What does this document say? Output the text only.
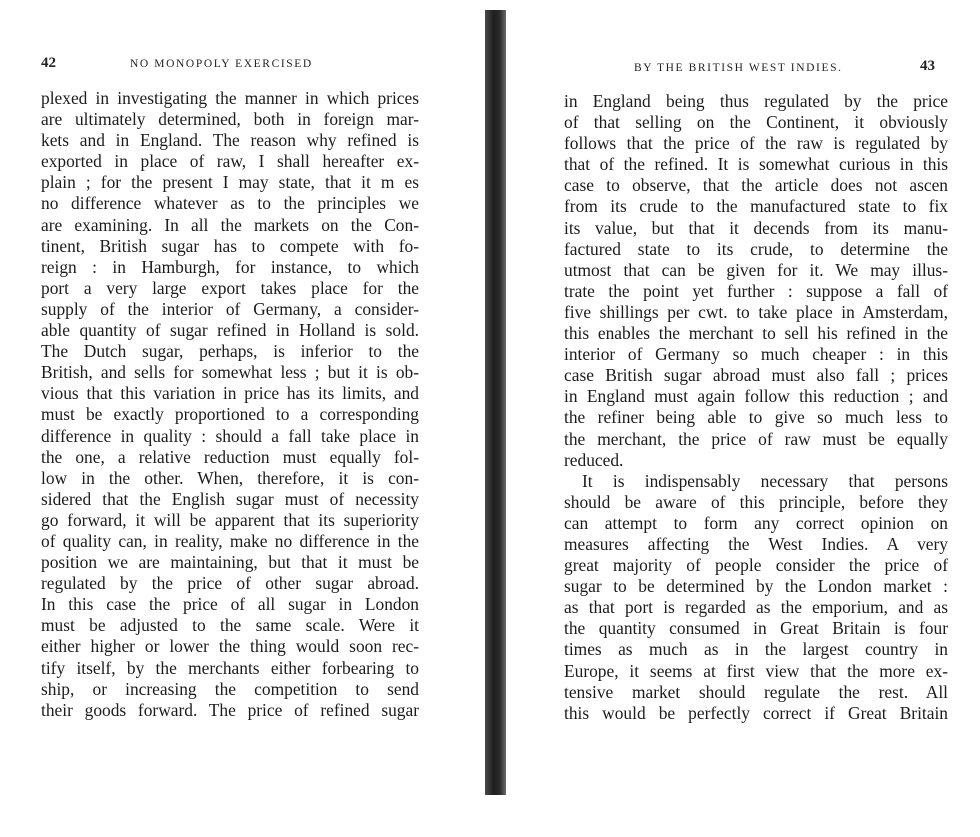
42	NO MONOPOLY EXERCISED
plexed in investigating the manner in which prices
are ultimately determined, both in foreign mar-
kets and in England. The reason why refined is
exported in place of raw, I shall hereafter ex-
plain ; for the present I may state, that it m es
no difference whatever as to the principles we
are examining. In all the markets on the Con-
tinent, British sugar has to compete with fo-
reign : in Hamburgh, for instance, to which
port a very large export takes place for the
supply of the interior of Germany, a consider-
able quantity of sugar refined in Holland is sold.
The Dutch sugar, perhaps, is inferior to the
British, and sells for somewhat less ; but it is ob-
vious that this variation in price has its limits, and
must be exactly proportioned to a corresponding
difference in quality : should a fall take place in
the one, a relative reduction must equally fol-
low in the other. When, therefore, it is con-
sidered that the English sugar must of necessity
go forward, it will be apparent that its superiority
of quality can, in reality, make no difference in the
position we are maintaining, but that it must be
regulated by the price of other sugar abroad.
In this case the price of all sugar in London
must be adjusted to the same scale. Were it
either higher or lower the thing would soon rec-
tify itself, by the merchants either forbearing to
ship, or increasing the competition to send
their goods forward. The price of refined sugar
BY THE BRITISH WEST INDIES.	43
in England being thus regulated by the price
of that selling on the Continent, it obviously
follows that the price of the raw is regulated by
that of the refined. It is somewhat curious in this
case to observe, that the article does not ascen
from its crude to the manufactured state to fix
its value, but that it decends from its manu-
factured state to its crude, to determine the
utmost that can be given for it. We may illus-
trate the point yet further : suppose a fall of
five shillings per cwt. to take place in Amsterdam,
this enables the merchant to sell his refined in the
interior of Germany so much cheaper : in this
case British sugar abroad must also fall ; prices
in England must again follow this reduction ; and
the refiner being able to give so much less to
the merchant, the price of raw must be equally
reduced.
It is indispensably necessary that persons
should be aware of this principle, before they
can attempt to form any correct opinion on
measures affecting the West Indies. A very
great majority of people consider the price of
sugar to be determined by the London market :
as that port is regarded as the emporium, and as
the quantity consumed in Great Britain is four
times as much as in the largest country in
Europe, it seems at first view that the more ex-
tensive market should regulate the rest. All
this would be perfectly correct if Great Britain
